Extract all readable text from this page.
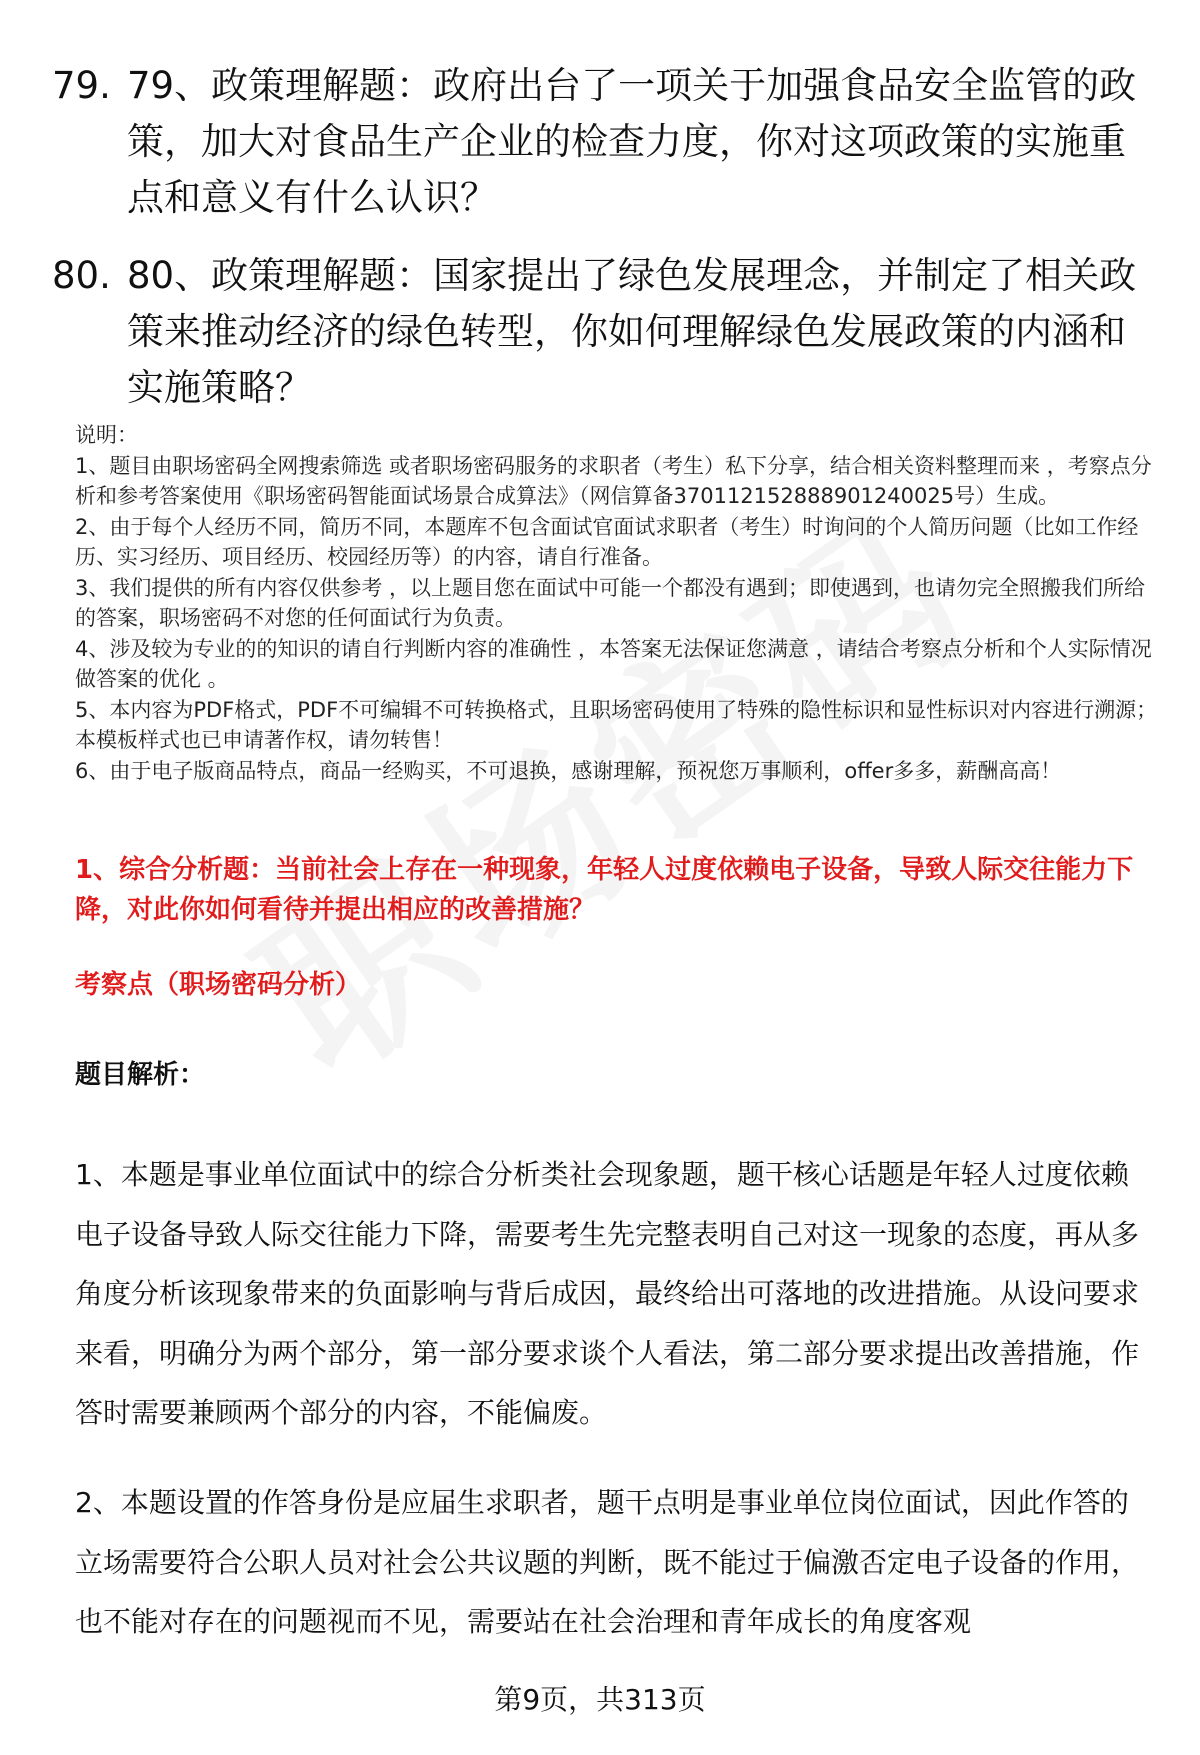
79. 79、政策理解题：政府出台了一项关于加强食品安全监管的政策，加大对食品生产企业的检查力度，你对这项政策的实施重点和意义有什么认识？
80. 80、政策理解题：国家提出了绿色发展理念，并制定了相关政策来推动经济的绿色转型，你如何理解绿色发展政策的内涵和实施策略？

说明：

1、题目由职场密码全网搜索筛选 或者职场密码服务的求职者（考生）私下分享，结合相关资料整理而来 ，考察点分析和参考答案使用《职场密码智能面试场景合成算法》（网信算备370112152888901240025号）生成。

2、由于每个人经历不同，简历不同，本题库不包含面试官面试求职者（考生）时询问的个人简历问题（比如工作经历、实习经历、项目经历、校园经历等）的内容，请自行准备。

3、我们提供的所有内容仅供参考 ，以上题目您在面试中可能一个都没有遇到；即使遇到，也请勿完全照搬我们所给的答案，职场密码不对您的任何面试行为负责。

4、涉及较为专业的的知识的请自行判断内容的准确性 ，本答案无法保证您满意 ，请结合考察点分析和个人实际情况做答案的优化 。

5、本内容为PDF格式，PDF不可编辑不可转换格式，且职场密码使用了特殊的隐性标识和显性标识对内容进行溯源；本模板样式也已申请著作权，请勿转售！

6、由于电子版商品特点，商品一经购买，不可退换，感谢理解，预祝您万事顺利，offer多多，薪酬高高！

1、综合分析题：当前社会上存在一种现象，年轻人过度依赖电子设备，导致人际交往能力下降，对此你如何看待并提出相应的改善措施？
考察点（职场密码分析）
题目解析：
1、本题是事业单位面试中的综合分析类社会现象题，题干核心话题是年轻人过度依赖电子设备导致人际交往能力下降，需要考生先完整表明自己对这一现象的态度，再从多角度分析该现象带来的负面影响与背后成因，最终给出可落地的改进措施。从设问要求来看，明确分为两个部分，第一部分要求谈个人看法，第二部分要求提出改善措施，作答时需要兼顾两个部分的内容，不能偏废。
2、本题设置的作答身份是应届生求职者，题干点明是事业单位岗位面试，因此作答的立场需要符合公职人员对社会公共议题的判断，既不能过于偏激否定电子设备的作用，也不能对存在的问题视而不见，需要站在社会治理和青年成长的角度客观
第9页，共313页
